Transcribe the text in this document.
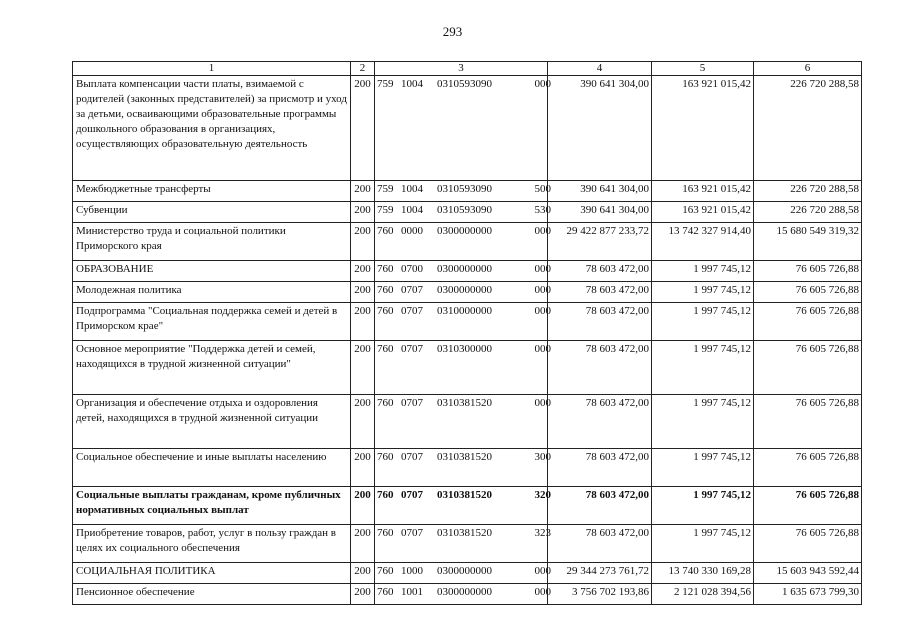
293
1	2	3	4	5	6
Выплата компенсации части платы, взимаемой с родителей (законных представителей) за присмотр и уход за детьми, осваивающими образовательные программы дошкольного образования в организациях, осуществляющих образовательную деятельность	200	759 1004 0310593090 000	390 641 304,00	163 921 015,42	226 720 288,58
Межбюджетные трансферты	200	759 1004 0310593090 500	390 641 304,00	163 921 015,42	226 720 288,58
Субвенции	200	759 1004 0310593090 530	390 641 304,00	163 921 015,42	226 720 288,58
Министерство труда и социальной политики Приморского края	200	760 0000 0300000000 000	29 422 877 233,72	13 742 327 914,40	15 680 549 319,32
ОБРАЗОВАНИЕ	200	760 0700 0300000000 000	78 603 472,00	1 997 745,12	76 605 726,88
Молодежная политика	200	760 0707 0300000000 000	78 603 472,00	1 997 745,12	76 605 726,88
Подпрограмма "Социальная поддержка семей и детей в Приморском крае"	200	760 0707 0310000000 000	78 603 472,00	1 997 745,12	76 605 726,88
Основное мероприятие "Поддержка детей и семей, находящихся в трудной жизненной ситуации"	200	760 0707 0310300000 000	78 603 472,00	1 997 745,12	76 605 726,88
Организация и обеспечение отдыха и оздоровления детей, находящихся в трудной жизненной ситуации	200	760 0707 0310381520 000	78 603 472,00	1 997 745,12	76 605 726,88
Социальное обеспечение и иные выплаты населению	200	760 0707 0310381520 300	78 603 472,00	1 997 745,12	76 605 726,88
Социальные выплаты гражданам, кроме публичных нормативных социальных выплат	200	760 0707 0310381520 320	78 603 472,00	1 997 745,12	76 605 726,88
Приобретение товаров, работ, услуг в пользу граждан в целях их социального обеспечения	200	760 0707 0310381520 323	78 603 472,00	1 997 745,12	76 605 726,88
СОЦИАЛЬНАЯ ПОЛИТИКА	200	760 1000 0300000000 000	29 344 273 761,72	13 740 330 169,28	15 603 943 592,44
Пенсионное обеспечение	200	760 1001 0300000000 000	3 756 702 193,86	2 121 028 394,56	1 635 673 799,30
